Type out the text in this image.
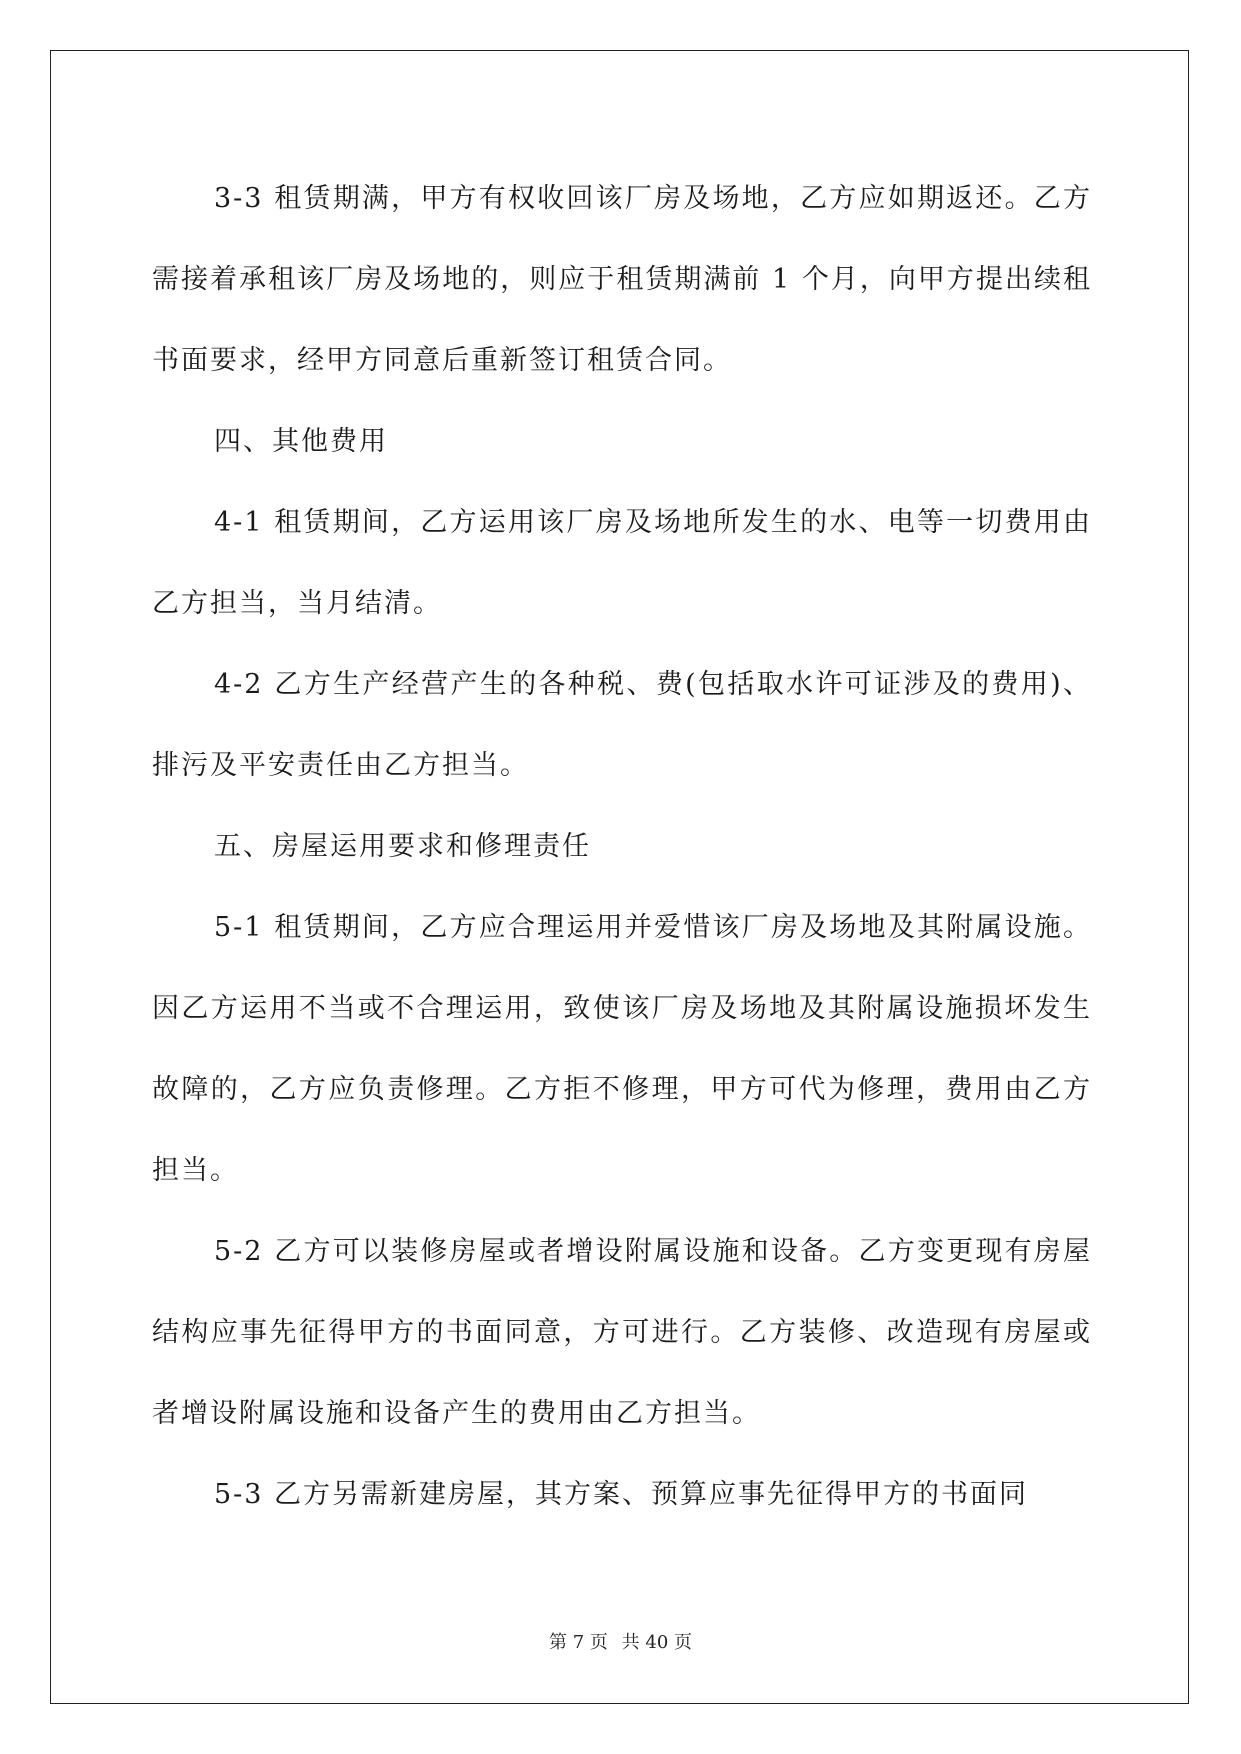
3-3 租赁期满，甲方有权收回该厂房及场地，乙方应如期返还。乙方需接着承租该厂房及场地的，则应于租赁期满前 1 个月，向甲方提出续租书面要求，经甲方同意后重新签订租赁合同。

四、其他费用

4-1 租赁期间，乙方运用该厂房及场地所发生的水、电等一切费用由乙方担当，当月结清。

4-2 乙方生产经营产生的各种税、费(包括取水许可证涉及的费用)、排污及平安责任由乙方担当。

五、房屋运用要求和修理责任

5-1 租赁期间，乙方应合理运用并爱惜该厂房及场地及其附属设施。因乙方运用不当或不合理运用，致使该厂房及场地及其附属设施损坏发生故障的，乙方应负责修理。乙方拒不修理，甲方可代为修理，费用由乙方担当。

5-2 乙方可以装修房屋或者增设附属设施和设备。乙方变更现有房屋结构应事先征得甲方的书面同意，方可进行。乙方装修、改造现有房屋或者增设附属设施和设备产生的费用由乙方担当。

5-3 乙方另需新建房屋，其方案、预算应事先征得甲方的书面同

第 7 页 共 40 页
